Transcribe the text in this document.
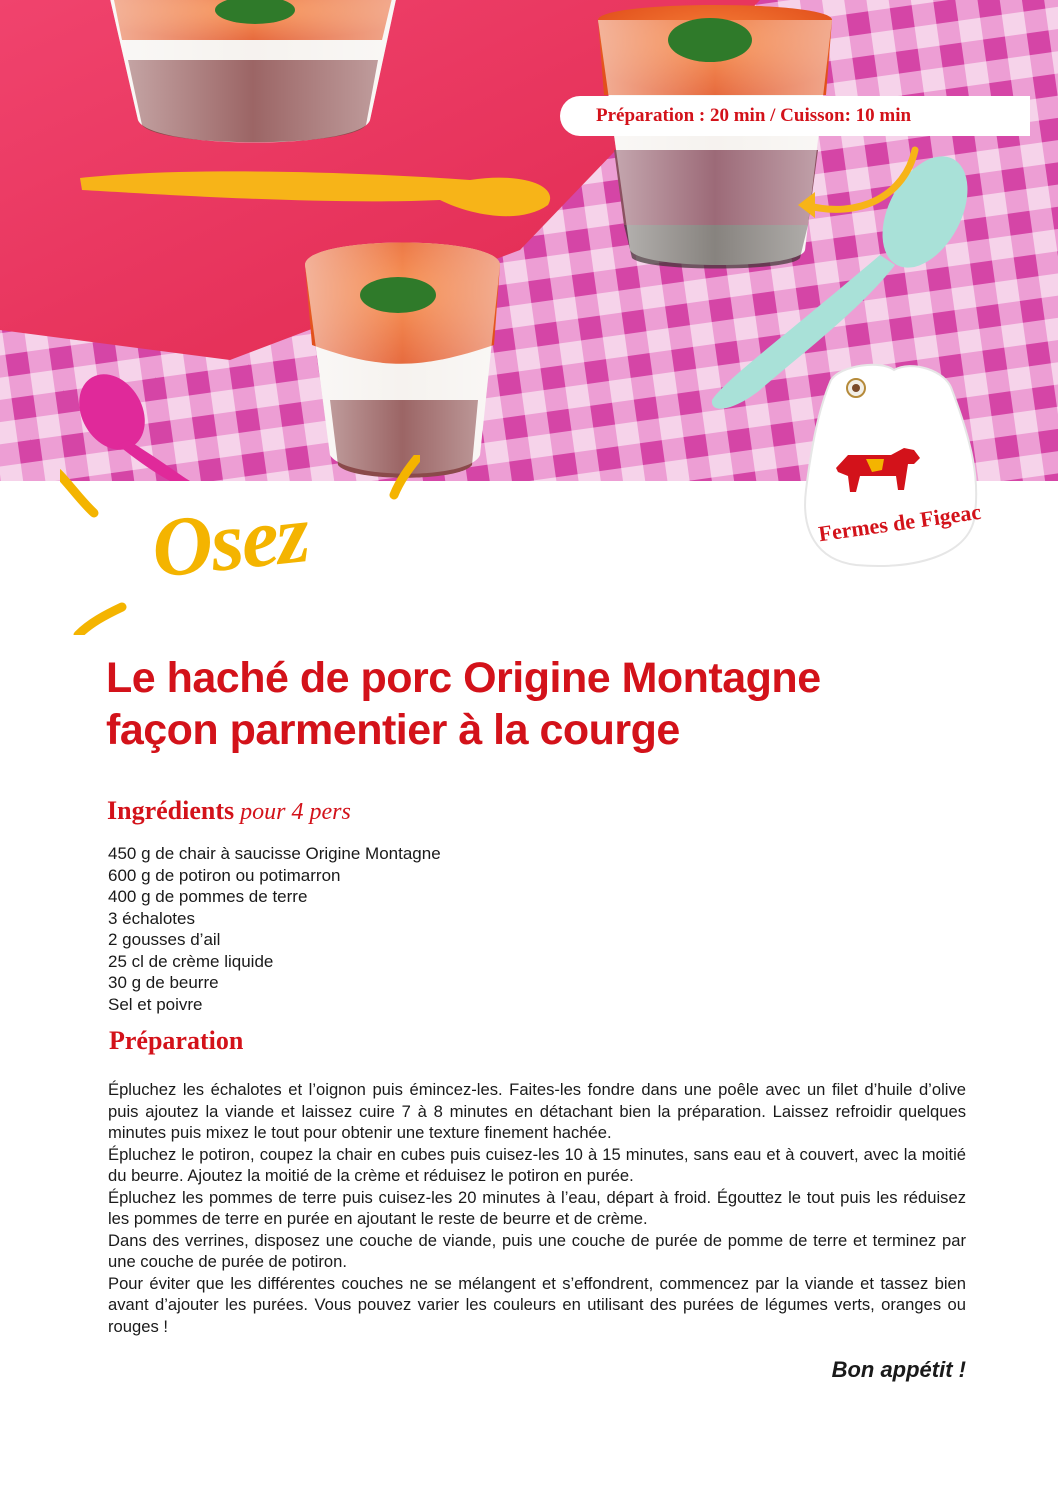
Préparation : 20 min / Cuisson: 10 min
Fermes de Figeac
Osez
Le haché de porc Origine Montagne
façon parmentier à la courge
Ingrédients pour 4 pers
450 g de chair à saucisse Origine Montagne
600 g de potiron ou potimarron
400 g de pommes de terre
3 échalotes
2 gousses d’ail
25 cl de crème liquide
30 g de beurre
Sel et poivre
Préparation

Épluchez les échalotes et l’oignon puis émincez-les. Faites-les fondre dans une poêle avec un filet d’huile d’olive puis ajoutez la viande et laissez cuire 7 à 8 minutes en détachant bien la préparation. Laissez refroidir quelques minutes puis mixez le tout pour obtenir une texture finement hachée.

Épluchez le potiron, coupez la chair en cubes puis cuisez-les 10 à 15 minutes, sans eau et à couvert, avec la moitié du beurre. Ajoutez la moitié de la crème et réduisez le potiron en purée.

Épluchez les pommes de terre puis cuisez-les 20 minutes à l’eau, départ à froid. Égouttez le tout puis les réduisez les pommes de terre en purée en ajoutant le reste de beurre et de crème.

Dans des verrines, disposez une couche de viande, puis une couche de purée de pomme de terre et terminez par une couche de purée de potiron.

Pour éviter que les différentes couches ne se mélangent et s’effondrent, commencez par la viande et tassez bien avant d’ajouter les purées. Vous pouvez varier les couleurs en utilisant des purées de légumes verts, oranges ou rouges !

Bon appétit !
